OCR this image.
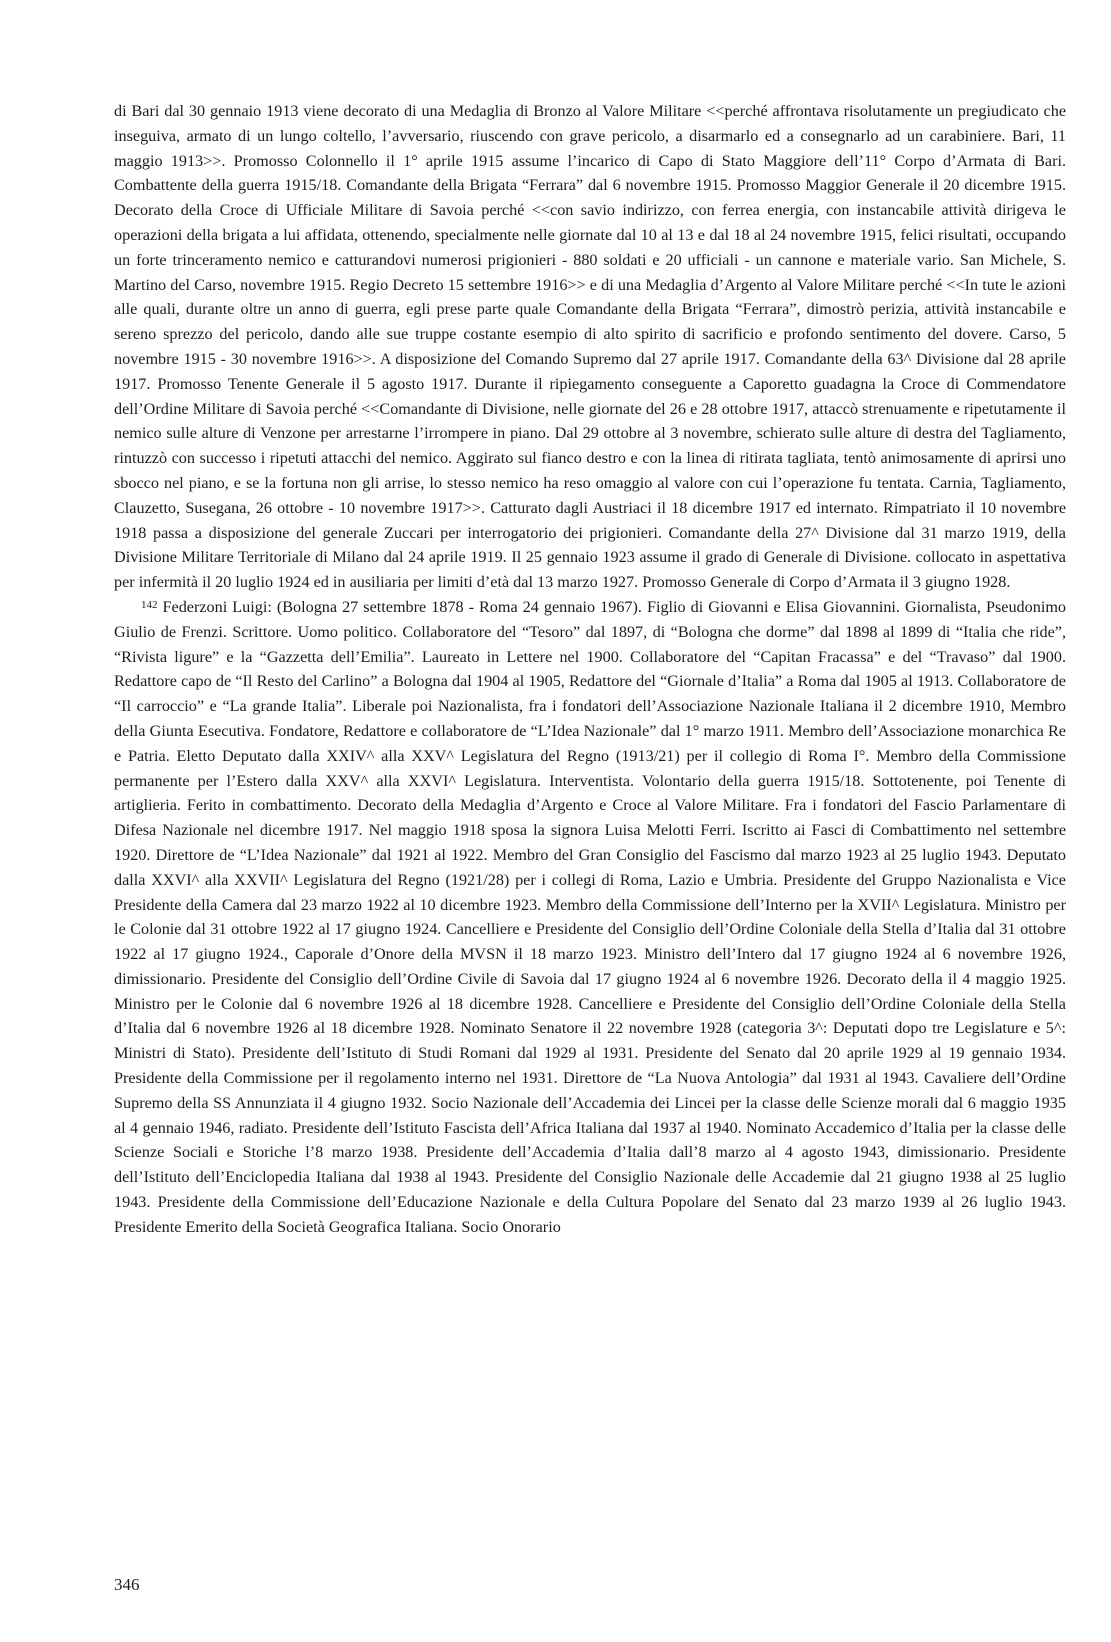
di Bari dal 30 gennaio 1913 viene decorato di una Medaglia di Bronzo al Valore Militare <<perché affrontava risolutamente un pregiudicato che inseguiva, armato di un lungo coltello, l’avversario, riuscendo con grave pericolo, a disarmarlo ed a consegnarlo ad un carabiniere. Bari, 11 maggio 1913>>. Promosso Colonnello il 1° aprile 1915 assume l’incarico di Capo di Stato Maggiore dell’11° Corpo d’Armata di Bari. Combattente della guerra 1915/18. Comandante della Brigata “Ferrara” dal 6 novembre 1915. Promosso Maggior Generale il 20 dicembre 1915. Decorato della Croce di Ufficiale Militare di Savoia perché <<con savio indirizzo, con ferrea energia, con instancabile attività dirigeva le operazioni della brigata a lui affidata, ottenendo, specialmente nelle giornate dal 10 al 13 e dal 18 al 24 novembre 1915, felici risultati, occupando un forte trinceramento nemico e catturandovi numerosi prigionieri - 880 soldati e 20 ufficiali - un cannone e materiale vario. San Michele, S. Martino del Carso, novembre 1915. Regio Decreto 15 settembre 1916>> e di una Medaglia d’Argento al Valore Militare perché <<In tute le azioni alle quali, durante oltre un anno di guerra, egli prese parte quale Comandante della Brigata “Ferrara”, dimostrò perizia, attività instancabile e sereno sprezzo del pericolo, dando alle sue truppe costante esempio di alto spirito di sacrificio e profondo sentimento del dovere. Carso, 5 novembre 1915 - 30 novembre 1916>>. A disposizione del Comando Supremo dal 27 aprile 1917. Comandante della 63^ Divisione dal 28 aprile 1917. Promosso Tenente Generale il 5 agosto 1917. Durante il ripiegamento conseguente a Caporetto guadagna la Croce di Commendatore dell’Ordine Militare di Savoia perché <<Comandante di Divisione, nelle giornate del 26 e 28 ottobre 1917, attaccò strenuamente e ripetutamente il nemico sulle alture di Venzone per arrestarne l’irrompere in piano. Dal 29 ottobre al 3 novembre, schierato sulle alture di destra del Tagliamento, rintuzzò con successo i ripetuti attacchi del nemico. Aggirato sul fianco destro e con la linea di ritirata tagliata, tentò animosamente di aprirsi uno sbocco nel piano, e se la fortuna non gli arrise, lo stesso nemico ha reso omaggio al valore con cui l’operazione fu tentata. Carnia, Tagliamento, Clauzetto, Susegana, 26 ottobre - 10 novembre 1917>>. Catturato dagli Austriaci il 18 dicembre 1917 ed internato. Rimpatriato il 10 novembre 1918 passa a disposizione del generale Zuccari per interrogatorio dei prigionieri. Comandante della 27^ Divisione dal 31 marzo 1919, della Divisione Militare Territoriale di Milano dal 24 aprile 1919. Il 25 gennaio 1923 assume il grado di Generale di Divisione. collocato in aspettativa per infermità il 20 luglio 1924 ed in ausiliaria per limiti d’età dal 13 marzo 1927. Promosso Generale di Corpo d’Armata il 3 giugno 1928.

$^{142}$ Federzoni Luigi: (Bologna 27 settembre 1878 - Roma 24 gennaio 1967). Figlio di Giovanni e Elisa Giovannini. Giornalista, Pseudonimo Giulio de Frenzi. Scrittore. Uomo politico. Collaboratore del “Tesoro” dal 1897, di “Bologna che dorme” dal 1898 al 1899 di “Italia che ride”, “Rivista ligure” e la “Gazzetta dell’Emilia”. Laureato in Lettere nel 1900. Collaboratore del “Capitan Fracassa” e del “Travaso” dal 1900. Redattore capo de “Il Resto del Carlino” a Bologna dal 1904 al 1905, Redattore del “Giornale d’Italia” a Roma dal 1905 al 1913. Collaboratore de “Il carroccio” e “La grande Italia”. Liberale poi Nazionalista, fra i fondatori dell’Associazione Nazionale Italiana il 2 dicembre 1910, Membro della Giunta Esecutiva. Fondatore, Redattore e collaboratore de “L’Idea Nazionale” dal 1° marzo 1911. Membro dell’Associazione monarchica Re e Patria. Eletto Deputato dalla XXIV^ alla XXV^ Legislatura del Regno (1913/21) per il collegio di Roma I°. Membro della Commissione permanente per l’Estero dalla XXV^ alla XXVI^ Legislatura. Interventista. Volontario della guerra 1915/18. Sottotenente, poi Tenente di artiglieria. Ferito in combattimento. Decorato della Medaglia d’Argento e Croce al Valore Militare. Fra i fondatori del Fascio Parlamentare di Difesa Nazionale nel dicembre 1917. Nel maggio 1918 sposa la signora Luisa Melotti Ferri. Iscritto ai Fasci di Combattimento nel settembre 1920. Direttore de “L’Idea Nazionale” dal 1921 al 1922. Membro del Gran Consiglio del Fascismo dal marzo 1923 al 25 luglio 1943. Deputato dalla XXVI^ alla XXVII^ Legislatura del Regno (1921/28) per i collegi di Roma, Lazio e Umbria. Presidente del Gruppo Nazionalista e Vice Presidente della Camera dal 23 marzo 1922 al 10 dicembre 1923. Membro della Commissione dell’Interno per la XVII^ Legislatura. Ministro per le Colonie dal 31 ottobre 1922 al 17 giugno 1924. Cancelliere e Presidente del Consiglio dell’Ordine Coloniale della Stella d’Italia dal 31 ottobre 1922 al 17 giugno 1924., Caporale d’Onore della MVSN il 18 marzo 1923. Ministro dell’Intero dal 17 giugno 1924 al 6 novembre 1926, dimissionario. Presidente del Consiglio dell’Ordine Civile di Savoia dal 17 giugno 1924 al 6 novembre 1926. Decorato della il 4 maggio 1925. Ministro per le Colonie dal 6 novembre 1926 al 18 dicembre 1928. Cancelliere e Presidente del Consiglio dell’Ordine Coloniale della Stella d’Italia dal 6 novembre 1926 al 18 dicembre 1928. Nominato Senatore il 22 novembre 1928 (categoria 3^: Deputati dopo tre Legislature e 5^: Ministri di Stato). Presidente dell’Istituto di Studi Romani dal 1929 al 1931. Presidente del Senato dal 20 aprile 1929 al 19 gennaio 1934. Presidente della Commissione per il regolamento interno nel 1931. Direttore de “La Nuova Antologia” dal 1931 al 1943. Cavaliere dell’Ordine Supremo della SS Annunziata il 4 giugno 1932. Socio Nazionale dell’Accademia dei Lincei per la classe delle Scienze morali dal 6 maggio 1935 al 4 gennaio 1946, radiato. Presidente dell’Istituto Fascista dell’Africa Italiana dal 1937 al 1940. Nominato Accademico d’Italia per la classe delle Scienze Sociali e Storiche l’8 marzo 1938. Presidente dell’Accademia d’Italia dall’8 marzo al 4 agosto 1943, dimissionario. Presidente dell’Istituto dell’Enciclopedia Italiana dal 1938 al 1943. Presidente del Consiglio Nazionale delle Accademie dal 21 giugno 1938 al 25 luglio 1943. Presidente della Commissione dell’Educazione Nazionale e della Cultura Popolare del Senato dal 23 marzo 1939 al 26 luglio 1943. Presidente Emerito della Società Geografica Italiana. Socio Onorario

346
